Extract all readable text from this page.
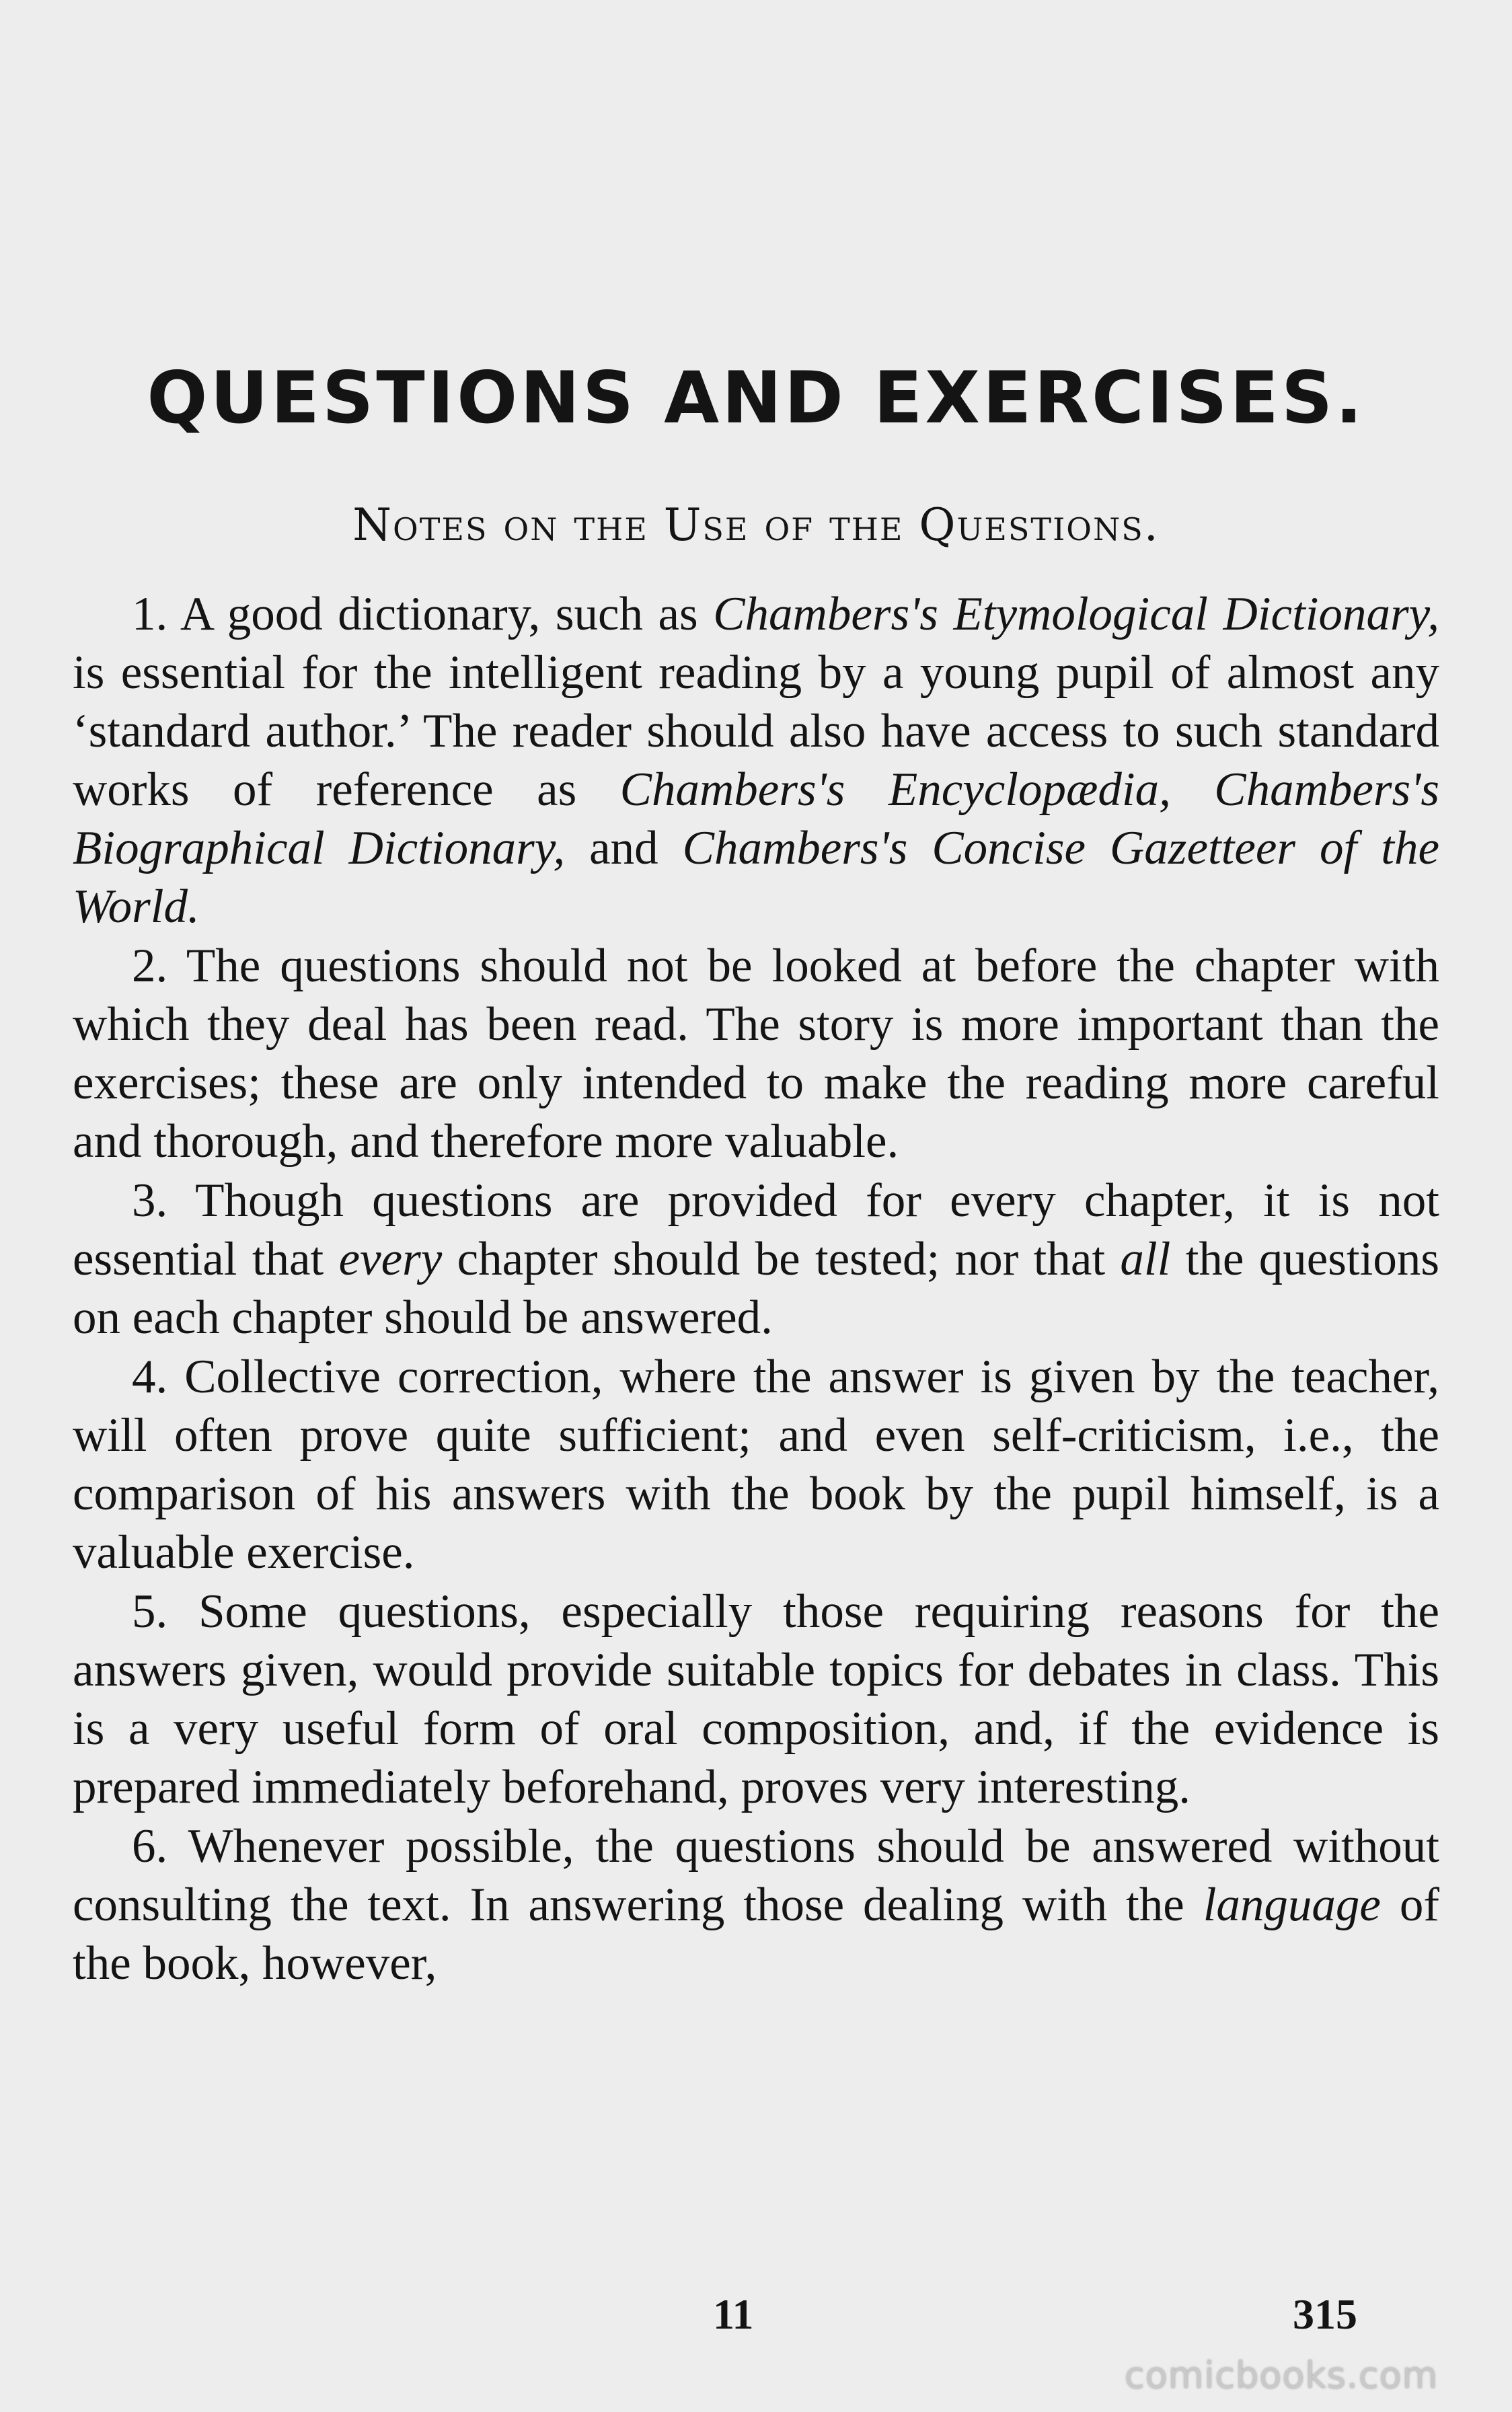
QUESTIONS AND EXERCISES.
Notes on the Use of the Questions.

1. A good dictionary, such as Chambers's Etymological Dictionary, is essential for the intelligent reading by a young pupil of almost any ‘standard author.’ The reader should also have access to such standard works of reference as Chambers's Encyclopædia, Chambers's Biographical Dictionary, and Chambers's Concise Gazetteer of the World.

2. The questions should not be looked at before the chapter with which they deal has been read. The story is more important than the exercises; these are only intended to make the reading more careful and thorough, and therefore more valuable.

3. Though questions are provided for every chapter, it is not essential that every chapter should be tested; nor that all the questions on each chapter should be answered.

4. Collective correction, where the answer is given by the teacher, will often prove quite sufficient; and even self-criticism, i.e., the comparison of his answers with the book by the pupil himself, is a valuable exercise.

5. Some questions, especially those requiring reasons for the answers given, would provide suitable topics for debates in class. This is a very useful form of oral composition, and, if the evidence is prepared immediately beforehand, proves very interesting.

6. Whenever possible, the questions should be answered without consulting the text. In answering those dealing with the language of the book, however,

11	315
comicbooks.com
